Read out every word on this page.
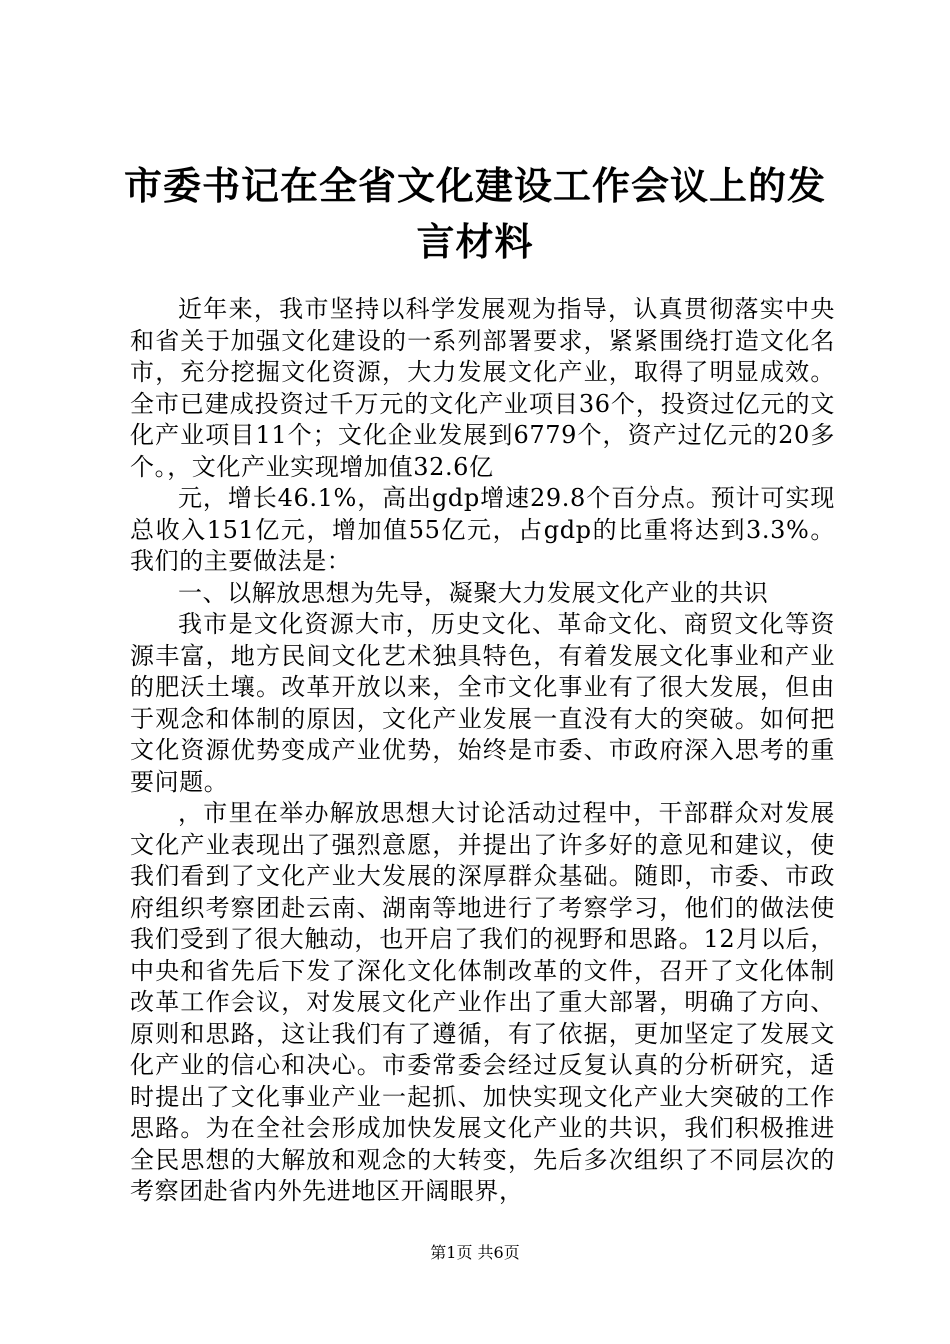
市委书记在全省文化建设工作会议上的发言材料

近年来，我市坚持以科学发展观为指导，认真贯彻落实中央和省关于加强文化建设的一系列部署要求，紧紧围绕打造文化名市，充分挖掘文化资源，大力发展文化产业，取得了明显成效。全市已建成投资过千万元的文化产业项目36个，投资过亿元的文化产业项目11个；文化企业发展到6779个，资产过亿元的20多个。，文化产业实现增加值32.6亿

元，增长46.1%，高出gdp增速29.8个百分点。预计可实现总收入151亿元，增加值55亿元，占gdp的比重将达到3.3%。我们的主要做法是：

一、以解放思想为先导，凝聚大力发展文化产业的共识

我市是文化资源大市，历史文化、革命文化、商贸文化等资源丰富，地方民间文化艺术独具特色，有着发展文化事业和产业的肥沃土壤。改革开放以来，全市文化事业有了很大发展，但由于观念和体制的原因，文化产业发展一直没有大的突破。如何把文化资源优势变成产业优势，始终是市委、市政府深入思考的重要问题。

，市里在举办解放思想大讨论活动过程中，干部群众对发展文化产业表现出了强烈意愿，并提出了许多好的意见和建议，使我们看到了文化产业大发展的深厚群众基础。随即，市委、市政府组织考察团赴云南、湖南等地进行了考察学习，他们的做法使我们受到了很大触动，也开启了我们的视野和思路。12月以后，中央和省先后下发了深化文化体制改革的文件，召开了文化体制改革工作会议，对发展文化产业作出了重大部署，明确了方向、原则和思路，这让我们有了遵循，有了依据，更加坚定了发展文化产业的信心和决心。市委常委会经过反复认真的分析研究，适时提出了文化事业产业一起抓、加快实现文化产业大突破的工作思路。为在全社会形成加快发展文化产业的共识，我们积极推进全民思想的大解放和观念的大转变，先后多次组织了不同层次的考察团赴省内外先进地区开阔眼界，

第1页 共6页
